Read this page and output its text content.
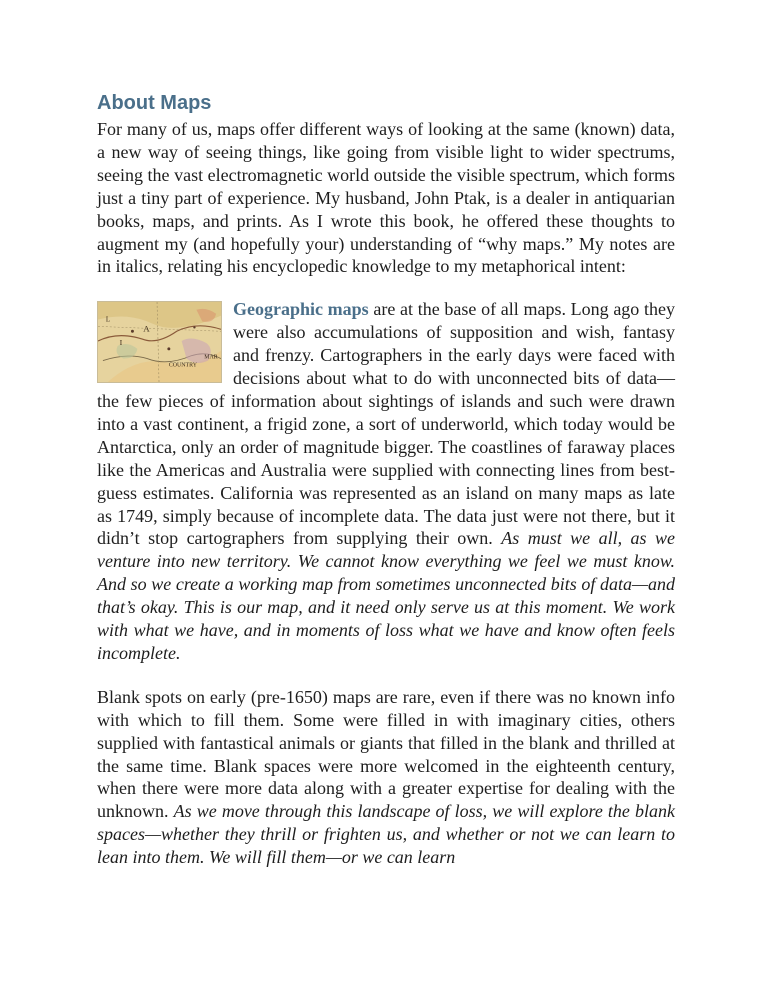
About Maps

For many of us, maps offer different ways of looking at the same (known) data, a new way of seeing things, like going from visible light to wider spectrums, seeing the vast electromagnetic world outside the visible spectrum, which forms just a tiny part of experience. My husband, John Ptak, is a dealer in antiquarian books, maps, and prints. As I wrote this book, he offered these thoughts to augment my (and hopefully your) understanding of “why maps.” My notes are in italics, relating his encyclopedic knowledge to my metaphorical intent:

A
COUNTRY
MAR
I
L
Geographic maps are at the base of all maps. Long ago they were also accumulations of supposition and wish, fantasy and frenzy. Cartographers in the early days were faced with decisions about what to do with unconnected bits of data—the few pieces of information about sightings of islands and such were drawn into a vast continent, a frigid zone, a sort of underworld, which today would be Antarctica, only an order of magnitude bigger. The coastlines of faraway places like the Americas and Australia were supplied with connecting lines from best-guess estimates. California was represented as an island on many maps as late as 1749, simply because of incomplete data. The data just were not there, but it didn’t stop cartographers from supplying their own. As must we all, as we venture into new territory. We cannot know everything we feel we must know. And so we create a working map from sometimes unconnected bits of data—and that’s okay. This is our map, and it need only serve us at this moment. We work with what we have, and in moments of loss what we have and know often feels incomplete.

Blank spots on early (pre-1650) maps are rare, even if there was no known info with which to fill them. Some were filled in with imaginary cities, others supplied with fantastical animals or giants that filled in the blank and thrilled at the same time. Blank spaces were more welcomed in the eighteenth century, when there were more data along with a greater expertise for dealing with the unknown. As we move through this landscape of loss, we will explore the blank spaces—whether they thrill or frighten us, and whether or not we can learn to lean into them. We will fill them—or we can learn
